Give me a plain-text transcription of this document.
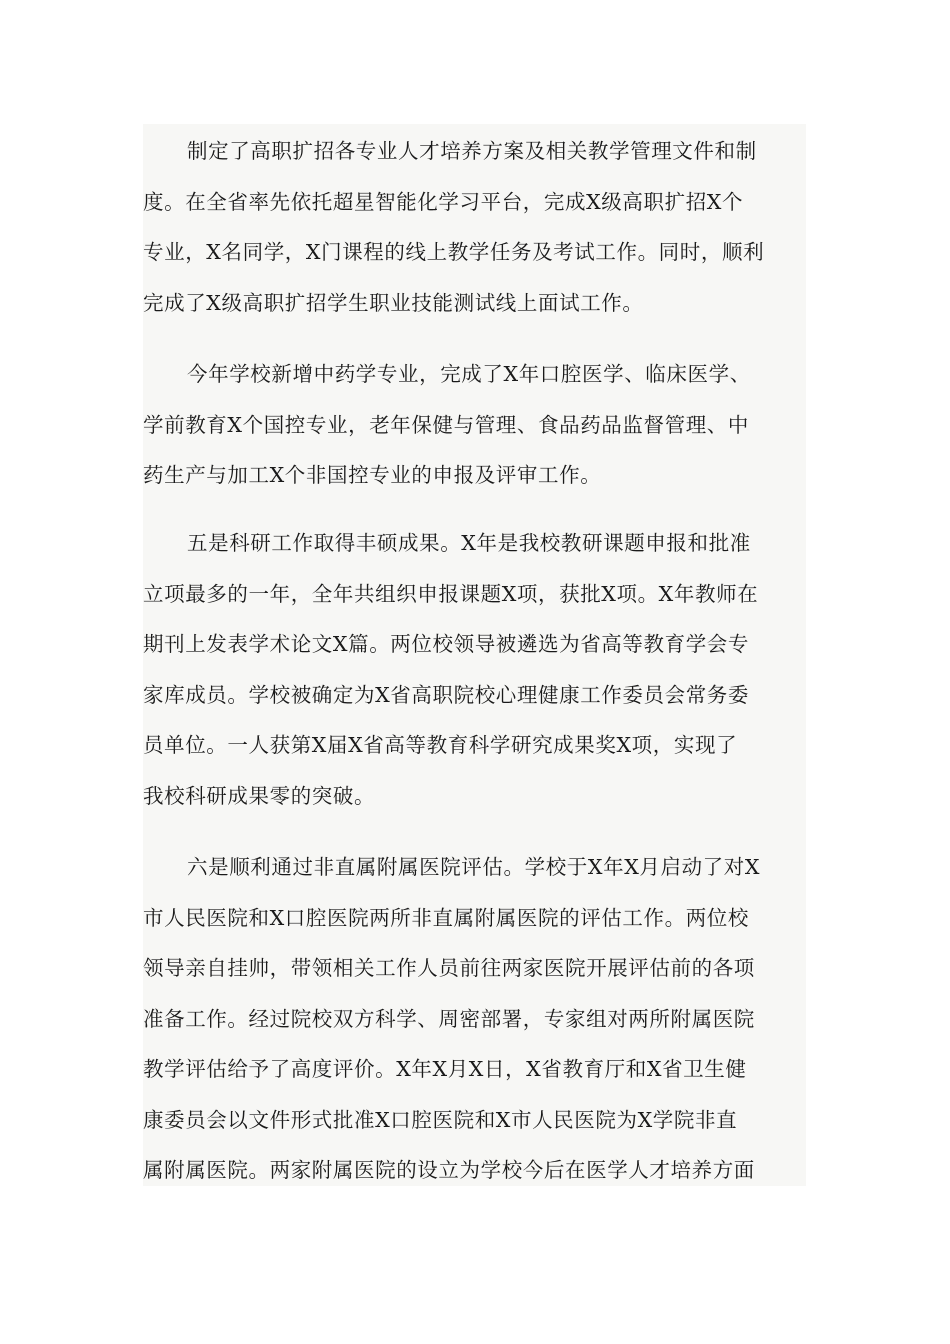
制定了高职扩招各专业人才培养方案及相关教学管理文件和制
度。在全省率先依托超星智能化学习平台，完成X级高职扩招X个
专业，X名同学，X门课程的线上教学任务及考试工作。同时，顺利
完成了X级高职扩招学生职业技能测试线上面试工作。
今年学校新增中药学专业，完成了X年口腔医学、临床医学、
学前教育X个国控专业，老年保健与管理、食品药品监督管理、中
药生产与加工X个非国控专业的申报及评审工作。
五是科研工作取得丰硕成果。X年是我校教研课题申报和批准
立项最多的一年，全年共组织申报课题X项，获批X项。X年教师在
期刊上发表学术论文X篇。两位校领导被遴选为省高等教育学会专
家库成员。学校被确定为X省高职院校心理健康工作委员会常务委
员单位。一人获第X届X省高等教育科学研究成果奖X项，实现了
我校科研成果零的突破。
六是顺利通过非直属附属医院评估。学校于X年X月启动了对X
市人民医院和X口腔医院两所非直属附属医院的评估工作。两位校
领导亲自挂帅，带领相关工作人员前往两家医院开展评估前的各项
准备工作。经过院校双方科学、周密部署，专家组对两所附属医院
教学评估给予了高度评价。X年X月X日，X省教育厅和X省卫生健
康委员会以文件形式批准X口腔医院和X市人民医院为X学院非直
属附属医院。两家附属医院的设立为学校今后在医学人才培养方面
